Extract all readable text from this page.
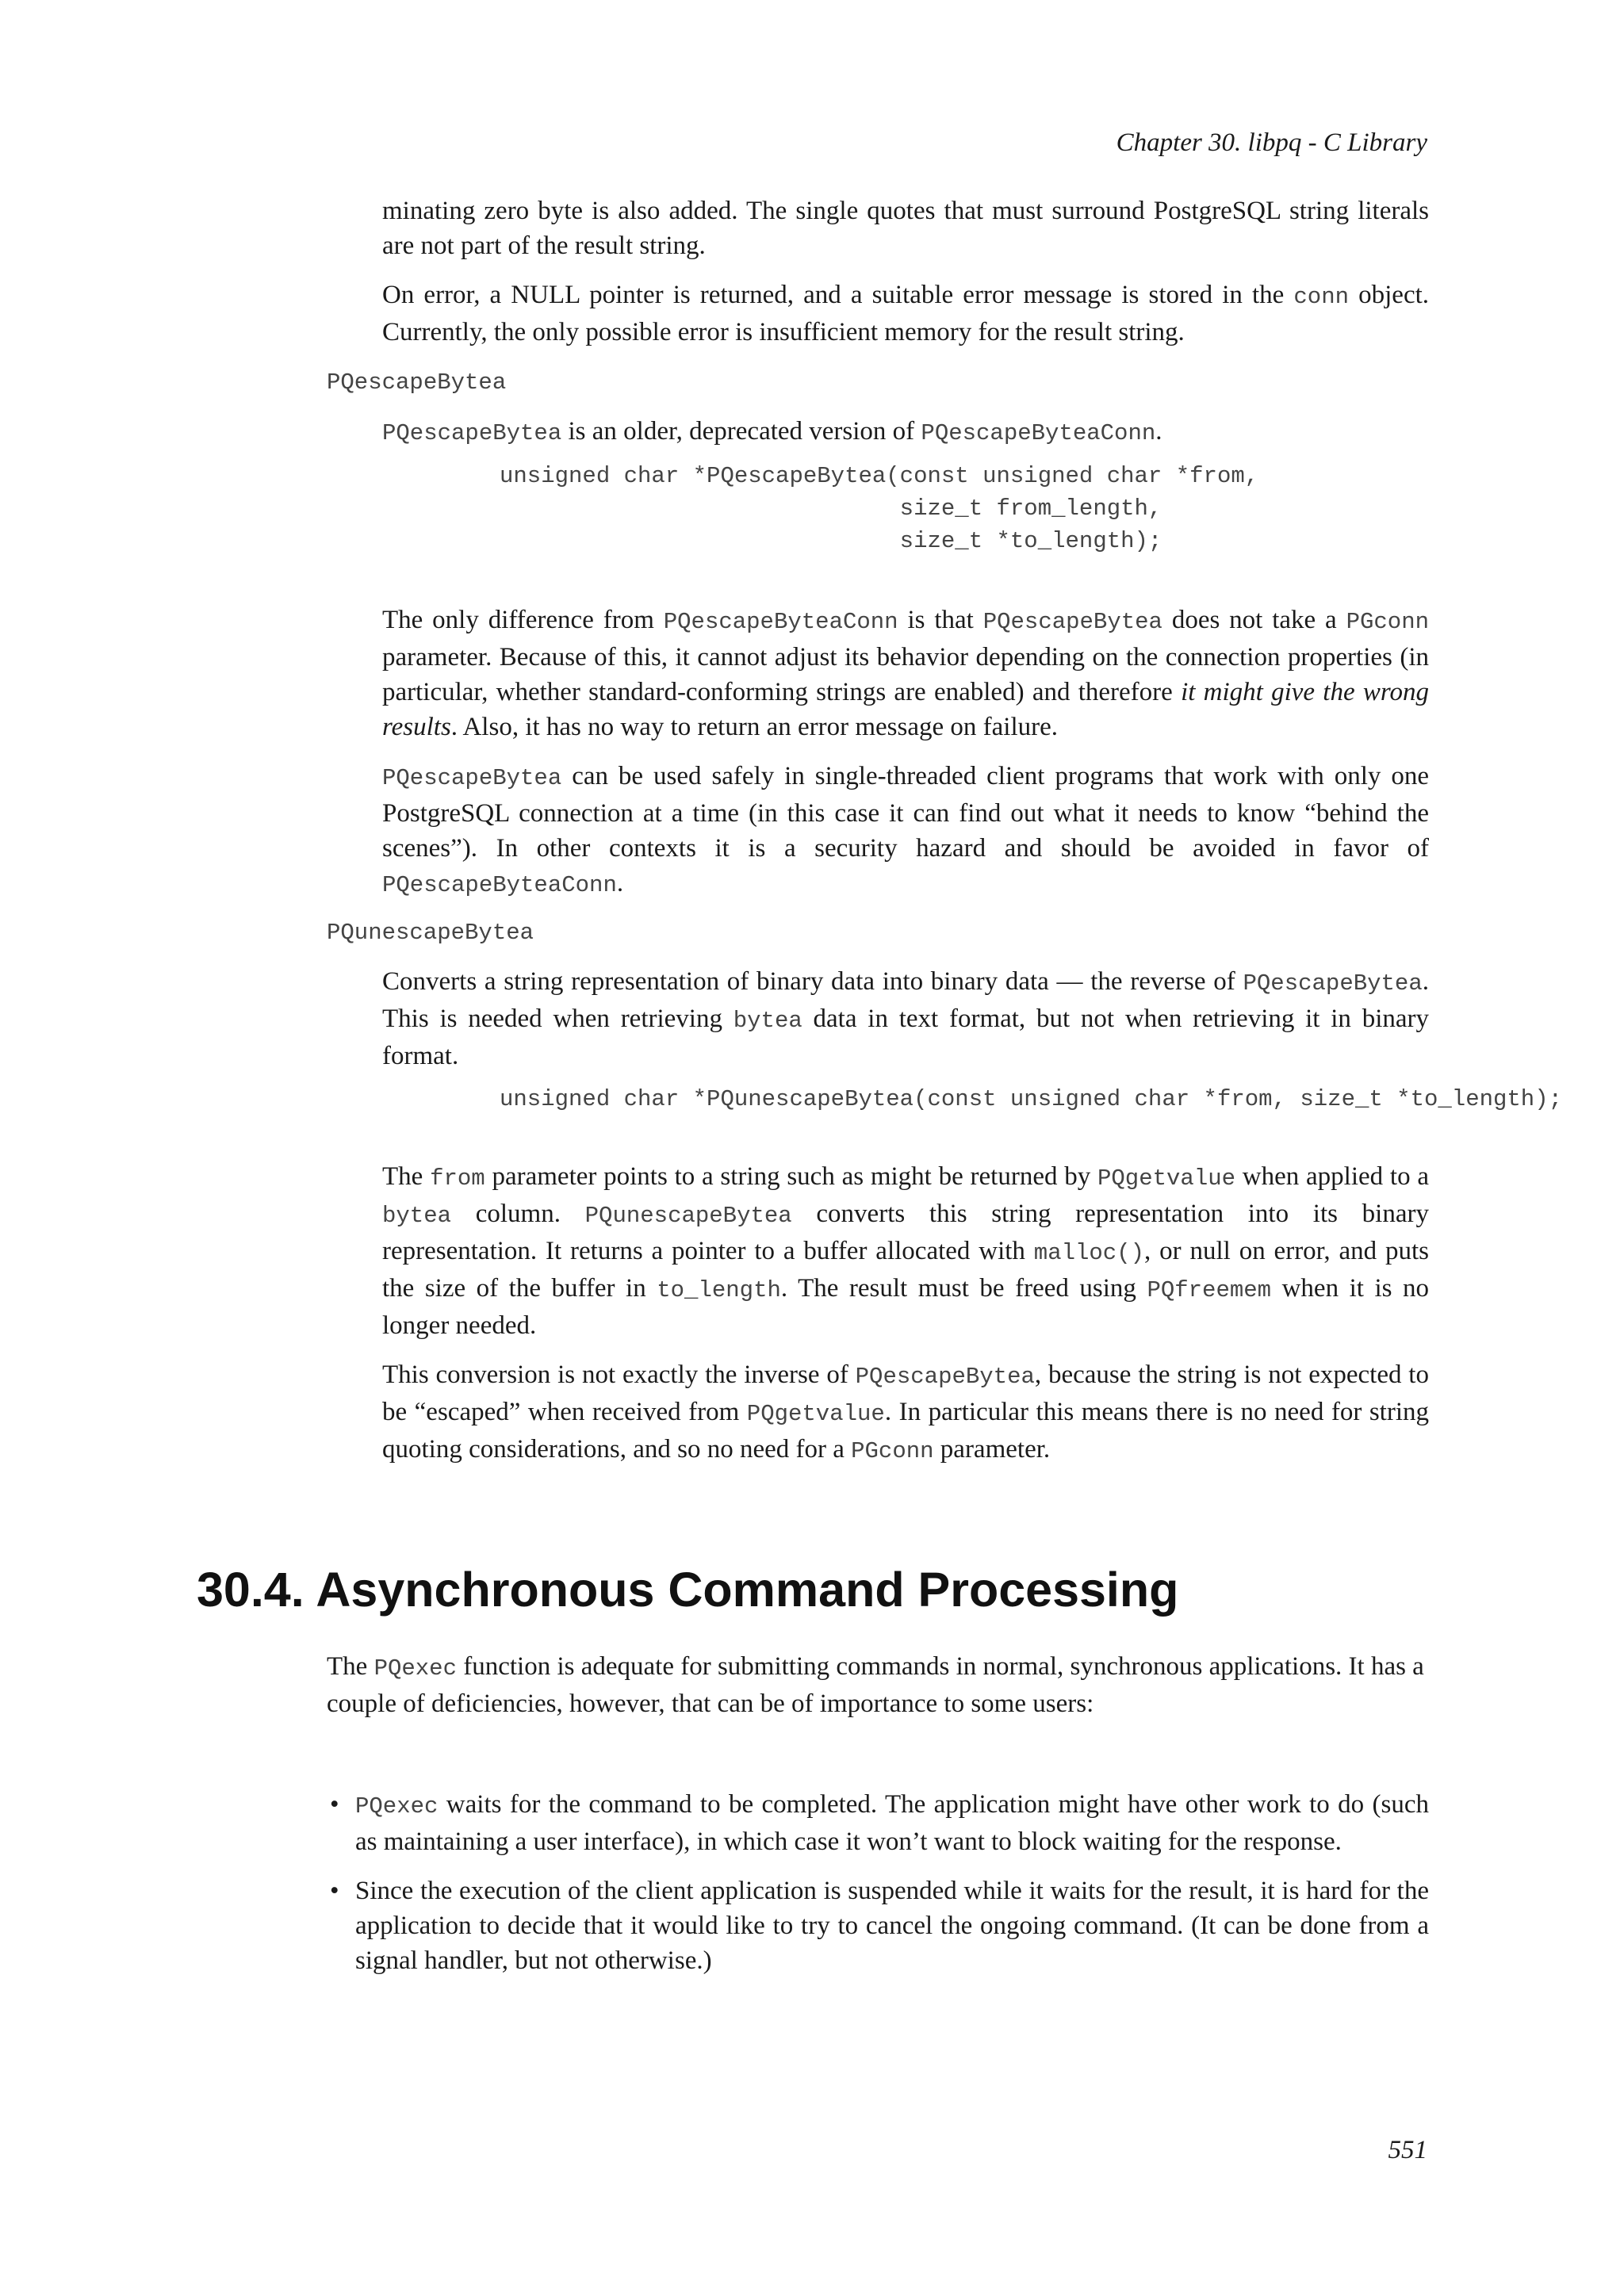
Chapter 30. libpq - C Library

minating zero byte is also added. The single quotes that must surround PostgreSQL string literals are not part of the result string.

On error, a NULL pointer is returned, and a suitable error message is stored in the conn object. Currently, the only possible error is insufficient memory for the result string.

PQescapeBytea

PQescapeBytea is an older, deprecated version of PQescapeByteaConn.

unsigned char *PQescapeBytea(const unsigned char *from,
size_t from_length,
size_t *to_length);

The only difference from PQescapeByteaConn is that PQescapeBytea does not take a PGconn parameter. Because of this, it cannot adjust its behavior depending on the connection properties (in particular, whether standard-conforming strings are enabled) and therefore it might give the wrong results. Also, it has no way to return an error message on failure.

PQescapeBytea can be used safely in single-threaded client programs that work with only one PostgreSQL connection at a time (in this case it can find out what it needs to know “behind the scenes”). In other contexts it is a security hazard and should be avoided in favor of PQescapeByteaConn.

PQunescapeBytea

Converts a string representation of binary data into binary data — the reverse of PQescapeBytea. This is needed when retrieving bytea data in text format, but not when retrieving it in binary format.

unsigned char *PQunescapeBytea(const unsigned char *from, size_t *to_length);

The from parameter points to a string such as might be returned by PQgetvalue when applied to a bytea column. PQunescapeBytea converts this string representation into its binary representation. It returns a pointer to a buffer allocated with malloc(), or null on error, and puts the size of the buffer in to_length. The result must be freed using PQfreemem when it is no longer needed.

This conversion is not exactly the inverse of PQescapeBytea, because the string is not expected to be “escaped” when received from PQgetvalue. In particular this means there is no need for string quoting considerations, and so no need for a PGconn parameter.

30.4. Asynchronous Command Processing
The PQexec function is adequate for submitting commands in normal, synchronous applications. It has a couple of deficiencies, however, that can be of importance to some users:
• PQexec waits for the command to be completed. The application might have other work to do (such as maintaining a user interface), in which case it won’t want to block waiting for the response.
• Since the execution of the client application is suspended while it waits for the result, it is hard for the application to decide that it would like to try to cancel the ongoing command. (It can be done from a signal handler, but not otherwise.)
551
